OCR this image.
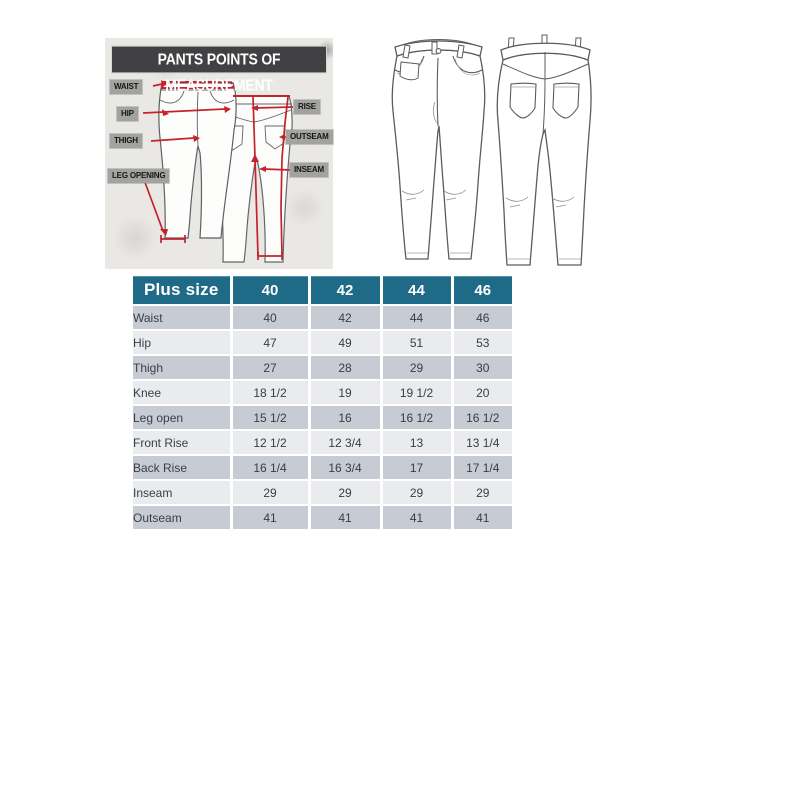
PANTS POINTS OF MEASUREMENT
WAIST
HIP
THIGH
LEG OPENING
RISE
OUTSEAM
INSEAM
Plus size	40	42	44	46
Waist	40	42	44	46
Hip	47	49	51	53
Thigh	27	28	29	30
Knee	18 1/2	19	19 1/2	20
Leg open	15 1/2	16	16 1/2	16 1/2
Front Rise	12 1/2	12 3/4	13	13 1/4
Back Rise	16 1/4	16 3/4	17	17 1/4
Inseam	29	29	29	29
Outseam	41	41	41	41
